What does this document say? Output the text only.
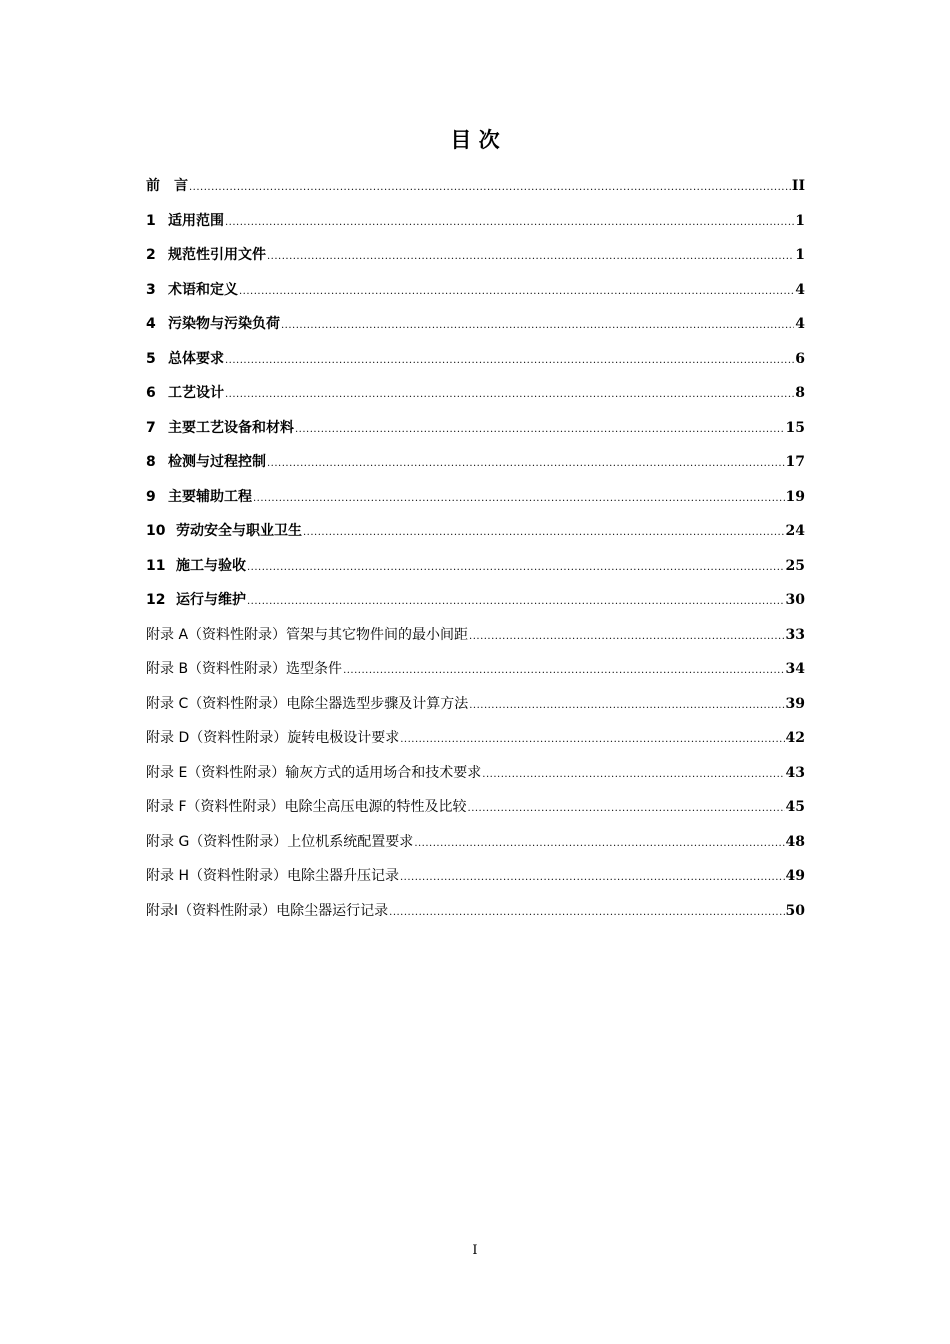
目 次
前　言 .....	II
1 适用范围 .....	1
2 规范性引用文件 .....	1
3 术语和定义 .....	4
4 污染物与污染负荷 .....	4
5 总体要求 .....	6
6 工艺设计 .....	8
7 主要工艺设备和材料 .....	15
8 检测与过程控制 .....	17
9 主要辅助工程 .....	19
10 劳动安全与职业卫生 .....	24
11 施工与验收 .....	25
12 运行与维护 .....	30
附录 A（资料性附录）管架与其它物件间的最小间距 .....	33
附录 B（资料性附录）选型条件 .....	34
附录 C（资料性附录）电除尘器选型步骤及计算方法 .....	39
附录 D（资料性附录）旋转电极设计要求 .....	42
附录 E（资料性附录）输灰方式的适用场合和技术要求 .....	43
附录 F（资料性附录）电除尘高压电源的特性及比较 .....	45
附录 G（资料性附录）上位机系统配置要求 .....	48
附录 H（资料性附录）电除尘器升压记录 .....	49
附录Ⅰ（资料性附录）电除尘器运行记录 .....	50
I
